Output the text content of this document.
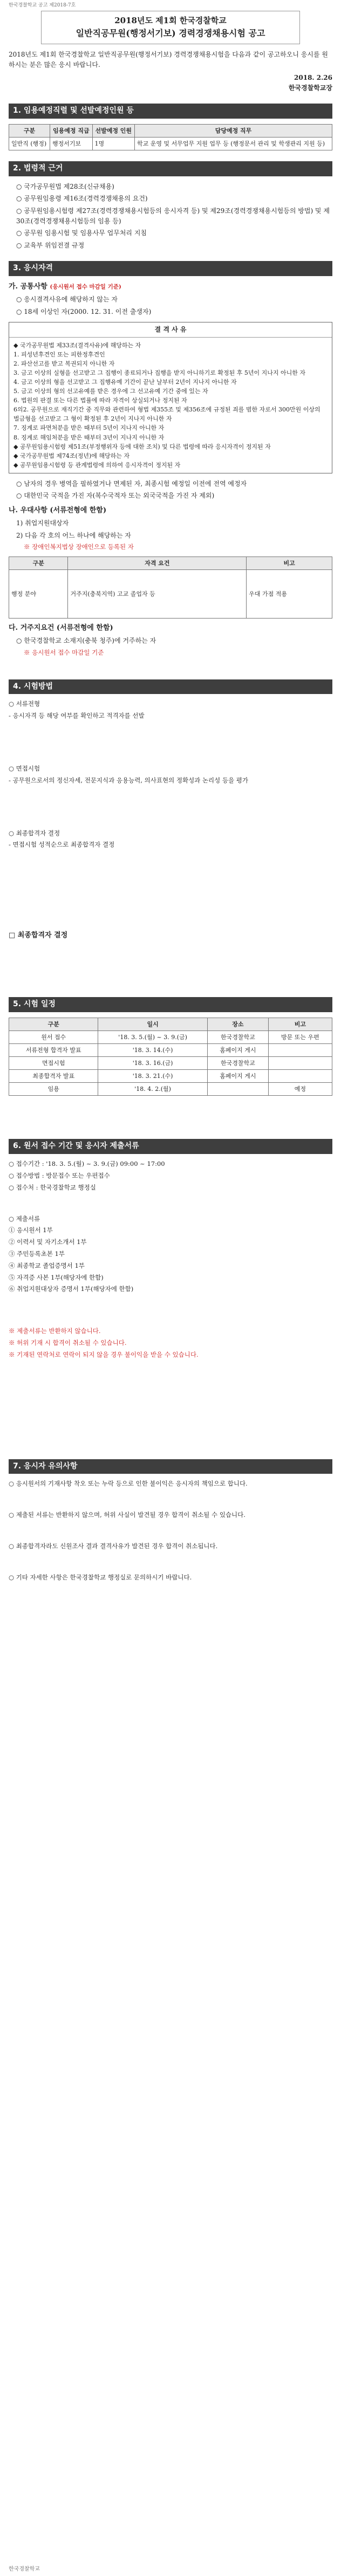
한국경찰학교 공고 제2018-7호
2018년도 제1회 한국경찰학교
일반직공무원(행정서기보) 경력경쟁채용시험 공고
2018년도 제1회 한국경찰학교 일반직공무원(행정서기보) 경력경쟁채용시험을 다음과 같이 공고하오니 응시를 원하시는 분은 많은 응시 바랍니다.
2018. 2.26
한국경찰학교장
1. 임용예정직렬 및 선발예정인원 등
구분	임용예정 직급	선발예정 인원	담당예정 직무
일반직 (행정)	행정서기보	1명	학교 운영 및 서무업무 지원 업무 등 (행정문서 관리 및 학생관리 지원 등)
2. 법령적 근거
○ 국가공무원법 제28조(신규채용)
○ 공무원임용령 제16조(경력경쟁채용의 요건)
○ 공무원임용시험령 제27조(경력경쟁채용시험등의 응시자격 등) 및 제29조(경력경쟁채용시험등의 방법) 및 제30조(경력경쟁채용시험등의 임용 등)
○ 공무원 임용시험 및 임용사무 업무처리 지침
○ 교육부 위임전결 규정
3. 응시자격
가. 공통사항 (응시원서 접수 마감일 기준)
○ 응시결격사유에 해당하지 않는 자
○ 18세 이상인 자(2000. 12. 31. 이전 출생자)
결 격 사 유
◆ 국가공무원법 제33조(결격사유)에 해당하는 자
1. 피성년후견인 또는 피한정후견인
2. 파산선고를 받고 복권되지 아니한 자
3. 금고 이상의 실형을 선고받고 그 집행이 종료되거나 집행을 받지 아니하기로 확정된 후 5년이 지나지 아니한 자
4. 금고 이상의 형을 선고받고 그 집행유예 기간이 끝난 날부터 2년이 지나지 아니한 자
5. 금고 이상의 형의 선고유예를 받은 경우에 그 선고유예 기간 중에 있는 자
6. 법원의 판결 또는 다른 법률에 따라 자격이 상실되거나 정지된 자
6의2. 공무원으로 재직기간 중 직무와 관련하여 형법 제355조 및 제356조에 규정된 죄를 범한 자로서 300만원 이상의 벌금형을 선고받고 그 형이 확정된 후 2년이 지나지 아니한 자
7. 징계로 파면처분을 받은 때부터 5년이 지나지 아니한 자
8. 징계로 해임처분을 받은 때부터 3년이 지나지 아니한 자
◆ 공무원임용시험령 제51조(부정행위자 등에 대한 조치) 및 다른 법령에 따라 응시자격이 정지된 자
◆ 국가공무원법 제74조(정년)에 해당하는 자
◆ 공무원임용시험령 등 관계법령에 의하여 응시자격이 정지된 자
○ 남자의 경우 병역을 필하였거나 면제된 자, 최종시험 예정일 이전에 전역 예정자
○ 대한민국 국적을 가진 자(복수국적자 또는 외국국적을 가진 자 제외)
나. 우대사항 (서류전형에 한함)
1) 취업지원대상자
2) 다음 각 호의 어느 하나에 해당하는 자
※ 장애인복지법상 장애인으로 등록된 자
구분	자격 요건	비고
행정 분야	거주지(충북지역) 고교 졸업자 등	우대 가점 적용
다. 거주지요건 (서류전형에 한함)
○ 한국경찰학교 소재지(충북 청주)에 거주하는 자
※ 응시원서 접수 마감일 기준
4. 시험방법

○ 서류전형

- 응시자격 등 해당 여부를 확인하고 적격자를 선발

○ 면접시험

- 공무원으로서의 정신자세, 전문지식과 응용능력, 의사표현의 정확성과 논리성 등을 평가

○ 최종합격자 결정

- 면접시험 성적순으로 최종합격자 결정

□ 최종합격자 결정
5. 시험 일정
구분	일시	장소	비고
원서 접수	'18. 3. 5.(월) ~ 3. 9.(금)	한국경찰학교	방문 또는 우편
서류전형 합격자 발표	'18. 3. 14.(수)	홈페이지 게시	
면접시험	'18. 3. 16.(금)	한국경찰학교	
최종합격자 발표	'18. 3. 21.(수)	홈페이지 게시	
임용	'18. 4. 2.(월)		예정
6. 원서 접수 기간 및 응시자 제출서류

○ 접수기간 : '18. 3. 5.(월) ~ 3. 9.(금) 09:00 ~ 17:00

○ 접수방법 : 방문접수 또는 우편접수

○ 접수처 : 한국경찰학교 행정실

○ 제출서류

① 응시원서 1부

② 이력서 및 자기소개서 1부

③ 주민등록초본 1부

④ 최종학교 졸업증명서 1부

⑤ 자격증 사본 1부(해당자에 한함)

⑥ 취업지원대상자 증명서 1부(해당자에 한함)

※ 제출서류는 반환하지 않습니다.

※ 허위 기재 시 합격이 취소될 수 있습니다.

※ 기재된 연락처로 연락이 되지 않을 경우 불이익을 받을 수 있습니다.

7. 응시자 유의사항

○ 응시원서의 기재사항 착오 또는 누락 등으로 인한 불이익은 응시자의 책임으로 합니다.

○ 제출된 서류는 반환하지 않으며, 허위 사실이 발견될 경우 합격이 취소될 수 있습니다.

○ 최종합격자라도 신원조사 결과 결격사유가 발견된 경우 합격이 취소됩니다.

○ 기타 자세한 사항은 한국경찰학교 행정실로 문의하시기 바랍니다.

한국경찰학교
